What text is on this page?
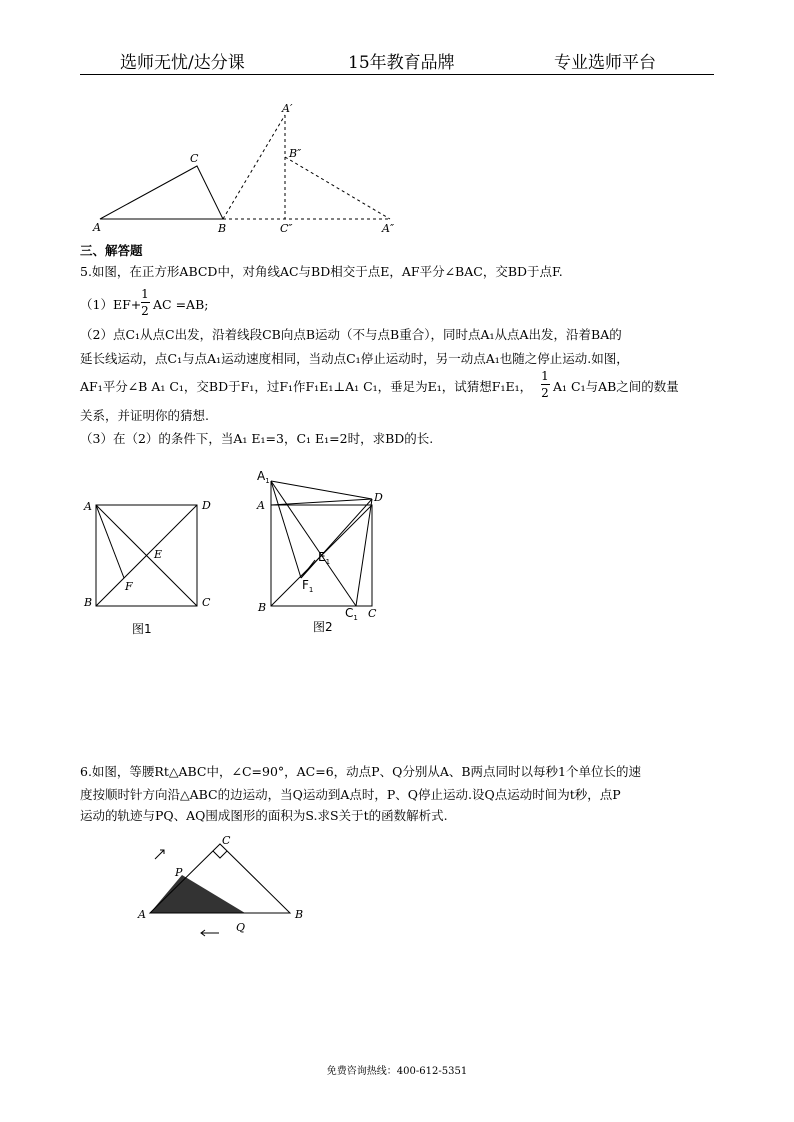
选师无忧/达分课	15年教育品牌	专业选师平台
C
A	B
A′
B″
C″	A″
三、解答题
5.如图，在正方形ABCD中，对角线AC与BD相交于点E，AF平分∠BAC，交BD于点F.
（1）EF+
1
2 AC =AB;
（2）点C₁从点C出发，沿着线段CB向点B运动（不与点B重合），同时点A₁从点A出发，沿着BA的
延长线运动，点C₁与点A₁运动速度相同，当动点C₁停止运动时，另一动点A₁也随之停止运动.如图，
AF₁平分∠B A₁ C₁，交BD于F₁，过F₁作F₁E₁⊥A₁ C₁，垂足为E₁，试猜想F₁E₁，
1
2 A₁ C₁与AB之间的数量
关系，并证明你的猜想.
（3）在（2）的条件下，当A₁ E₁=3，C₁ E₁=2时，求BD的长.
A	D
B	C
E
F
图1
$A_1$
A
D
B	C
$C_1$
$E_1$
$F_1$
图2
6.如图，等腰Rt△ABC中，∠C=90°，AC=6，动点P、Q分别从A、B两点同时以每秒1个单位长的速
度按顺时针方向沿△ABC的边运动，当Q运动到A点时，P、Q停止运动.设Q点运动时间为t秒，点P
运动的轨迹与PQ、AQ围成图形的面积为S.求S关于t的函数解析式.
C
P
A	B
Q
免费咨询热线：400-612-5351
